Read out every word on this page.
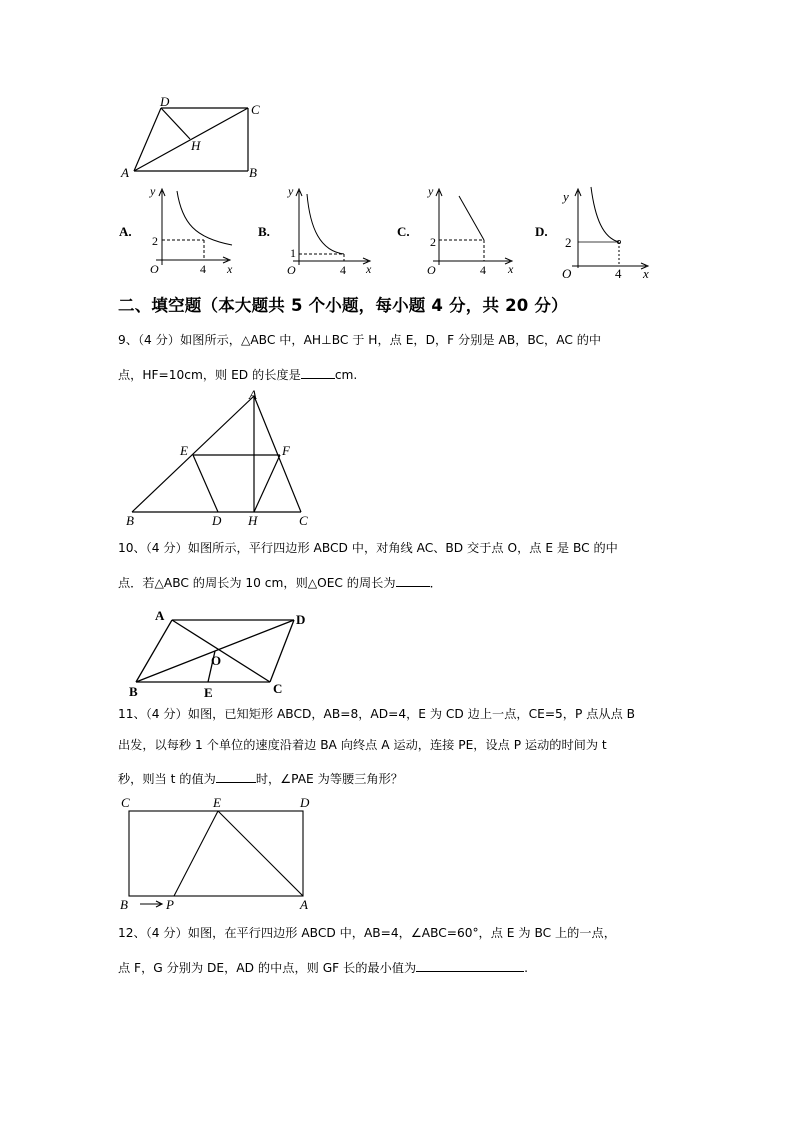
D
C
A	B
H
A.
y
x
O
2
4
B.
y
x
O
1
4
C.
y
x
O
2
4
D.
y
x
O
2
4
二、填空题（本大题共 5 个小题，每小题 4 分，共 20 分）
9、（4 分）如图所示，△ABC 中，AH⊥BC 于 H，点 E，D，F 分别是 AB，BC，AC 的中
点，HF=10cm，则 ED 的长度是	cm.
A
E	F
B	D H	C
10、（4 分）如图所示，平行四边形 ABCD 中，对角线 AC、BD 交于点 O，点 E 是 BC 的中
点．若△ABC 的周长为 10 cm，则△OEC 的周长为	．
A	D
O
B	E	C
11、（4 分）如图，已知矩形 ABCD，AB=8，AD=4，E 为 CD 边上一点，CE=5，P 点从点 B
出发，以每秒 1 个单位的速度沿着边 BA 向终点 A 运动，连接 PE，设点 P 运动的时间为 t
秒，则当 t 的值为	时，∠PAE 为等腰三角形？
C	E	D
B	P	A
12、（4 分）如图，在平行四边形 ABCD 中，AB=4，∠ABC=60°，点 E 为 BC 上的一点，
点 F，G 分别为 DE，AD 的中点，则 GF 长的最小值为	.
